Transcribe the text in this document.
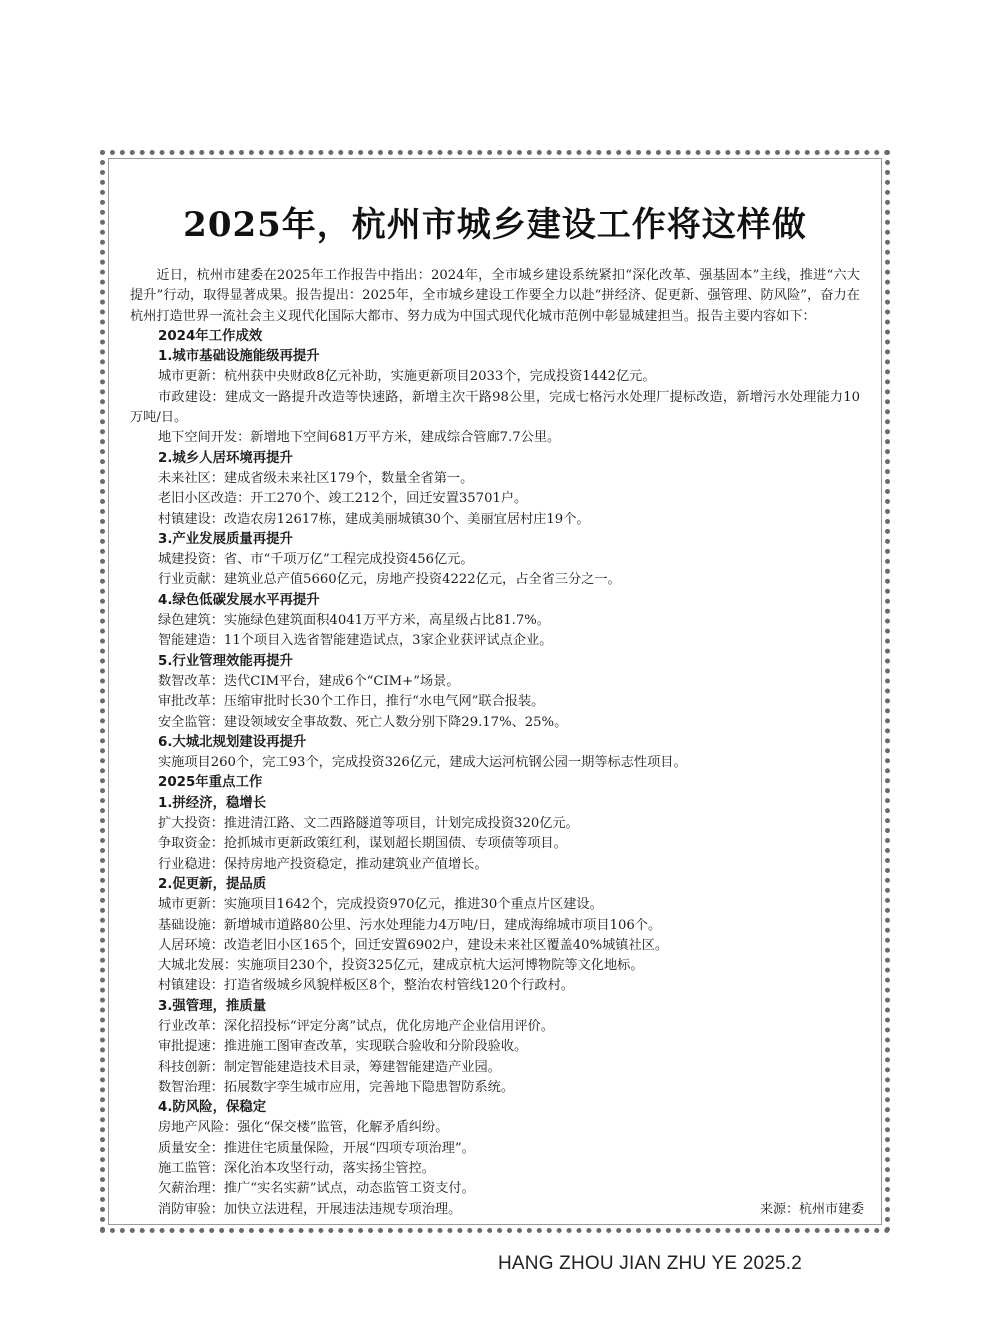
2025年，杭州市城乡建设工作将这样做

近日，杭州市建委在2025年工作报告中指出：2024年，全市城乡建设系统紧扣“深化改革、强基固本”主线，推进“六大提升”行动，取得显著成果。报告提出：2025年，全市城乡建设工作要全力以赴“拼经济、促更新、强管理、防风险”，奋力在杭州打造世界一流社会主义现代化国际大都市、努力成为中国式现代化城市范例中彰显城建担当。报告主要内容如下：

2024年工作成效

1.城市基础设施能级再提升

城市更新：杭州获中央财政8亿元补助，实施更新项目2033个，完成投资1442亿元。

市政建设：建成文一路提升改造等快速路，新增主次干路98公里，完成七格污水处理厂提标改造，新增污水处理能力10万吨/日。

地下空间开发：新增地下空间681万平方米，建成综合管廊7.7公里。

2.城乡人居环境再提升

未来社区：建成省级未来社区179个，数量全省第一。

老旧小区改造：开工270个、竣工212个，回迁安置35701户。

村镇建设：改造农房12617栋，建成美丽城镇30个、美丽宜居村庄19个。

3.产业发展质量再提升

城建投资：省、市“千项万亿”工程完成投资456亿元。

行业贡献：建筑业总产值5660亿元，房地产投资4222亿元，占全省三分之一。

4.绿色低碳发展水平再提升

绿色建筑：实施绿色建筑面积4041万平方米，高星级占比81.7%。

智能建造：11个项目入选省智能建造试点，3家企业获评试点企业。

5.行业管理效能再提升

数智改革：迭代CIM平台，建成6个“CIM+”场景。

审批改革：压缩审批时长30个工作日，推行“水电气网”联合报装。

安全监管：建设领域安全事故数、死亡人数分别下降29.17%、25%。

6.大城北规划建设再提升

实施项目260个，完工93个，完成投资326亿元，建成大运河杭钢公园一期等标志性项目。

2025年重点工作

1.拼经济，稳增长

扩大投资：推进清江路、文二西路隧道等项目，计划完成投资320亿元。

争取资金：抢抓城市更新政策红利，谋划超长期国债、专项债等项目。

行业稳进：保持房地产投资稳定，推动建筑业产值增长。

2.促更新，提品质

城市更新：实施项目1642个，完成投资970亿元，推进30个重点片区建设。

基础设施：新增城市道路80公里、污水处理能力4万吨/日，建成海绵城市项目106个。

人居环境：改造老旧小区165个，回迁安置6902户，建设未来社区覆盖40%城镇社区。

大城北发展：实施项目230个，投资325亿元，建成京杭大运河博物院等文化地标。

村镇建设：打造省级城乡风貌样板区8个，整治农村管线120个行政村。

3.强管理，推质量

行业改革：深化招投标“评定分离”试点，优化房地产企业信用评价。

审批提速：推进施工图审查改革，实现联合验收和分阶段验收。

科技创新：制定智能建造技术目录，筹建智能建造产业园。

数智治理：拓展数字孪生城市应用，完善地下隐患智防系统。

4.防风险，保稳定

房地产风险：强化“保交楼”监管，化解矛盾纠纷。

质量安全：推进住宅质量保险，开展“四项专项治理”。

施工监管：深化治本攻坚行动，落实扬尘管控。

欠薪治理：推广“实名实薪”试点，动态监管工资支付。

消防审验：加快立法进程，开展违法违规专项治理。	来源：杭州市建委
HANG ZHOU JIAN ZHU YE 2025.2
